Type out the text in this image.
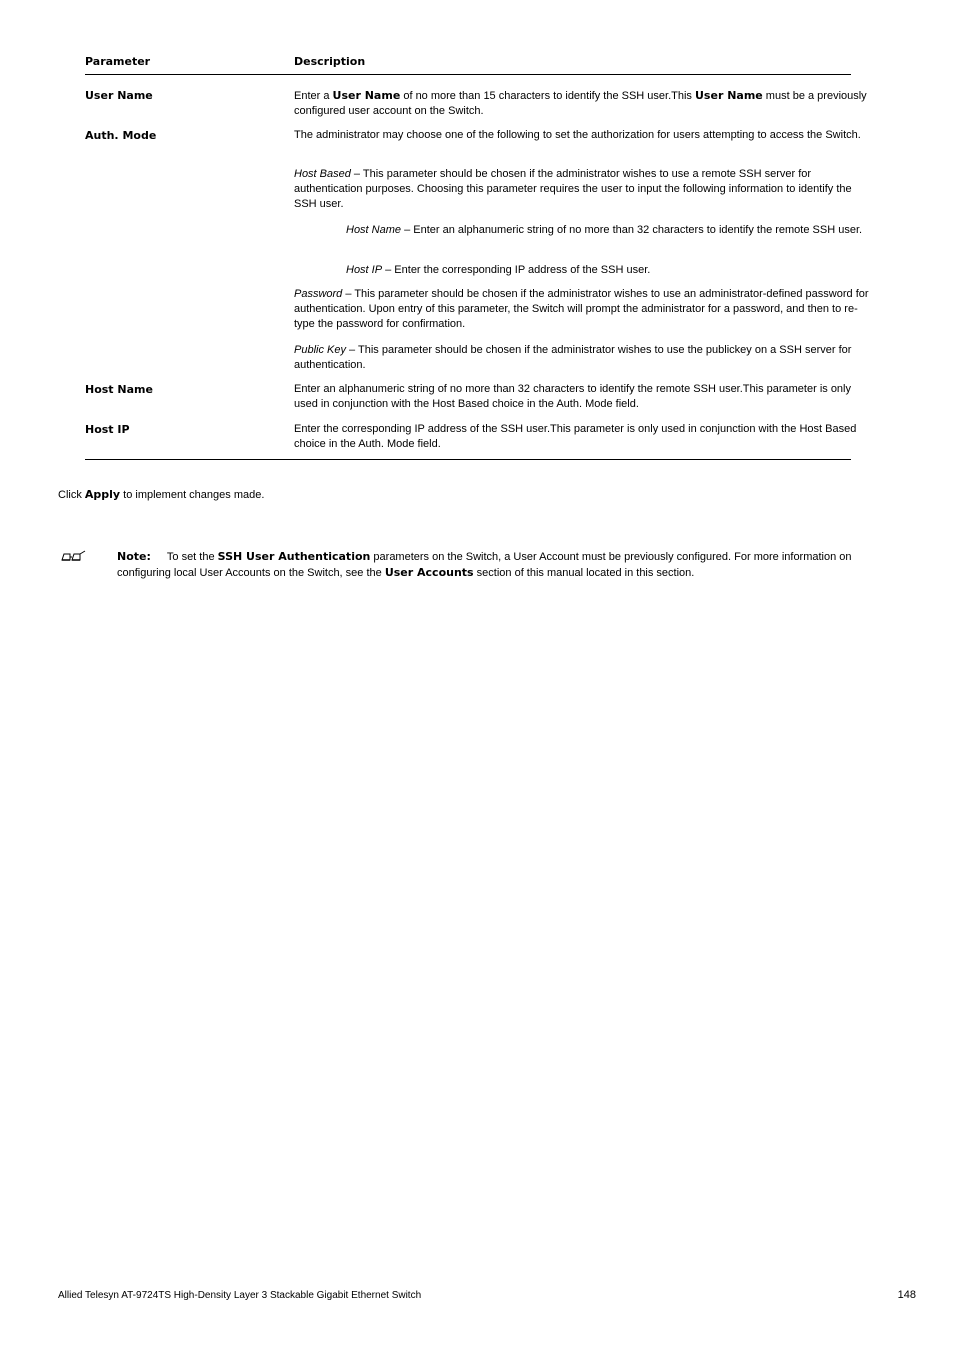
Parameter	Description
User Name	Enter a User Name of no more than 15 characters to identify the SSH user.This User Name must be a previously configured user account on the Switch.
Auth. Mode	The administrator may choose one of the following to set the authorization for users attempting to access the Switch.
Host Based – This parameter should be chosen if the administrator wishes to use a remote SSH server for authentication purposes. Choosing this parameter requires the user to input the following information to identify the SSH user.
Host Name – Enter an alphanumeric string of no more than 32 characters to identify the remote SSH user.
Host IP – Enter the corresponding IP address of the SSH user.
Password – This parameter should be chosen if the administrator wishes to use an administrator-defined password for authentication. Upon entry of this parameter, the Switch will prompt the administrator for a password, and then to re-type the password for confirmation.
Public Key – This parameter should be chosen if the administrator wishes to use the publickey on a SSH server for authentication.
Host Name	Enter an alphanumeric string of no more than 32 characters to identify the remote SSH user.This parameter is only used in conjunction with the Host Based choice in the Auth. Mode field.
Host IP	Enter the corresponding IP address of the SSH user.This parameter is only used in conjunction with the Host Based choice in the Auth. Mode field.
Click Apply to implement changes made.
Note: To set the SSH User Authentication parameters on the Switch, a User Account must be previously configured. For more information on configuring local User Accounts on the Switch, see the User Accounts section of this manual located in this section.
Allied Telesyn AT-9724TS High-Density Layer 3 Stackable Gigabit Ethernet Switch	148
